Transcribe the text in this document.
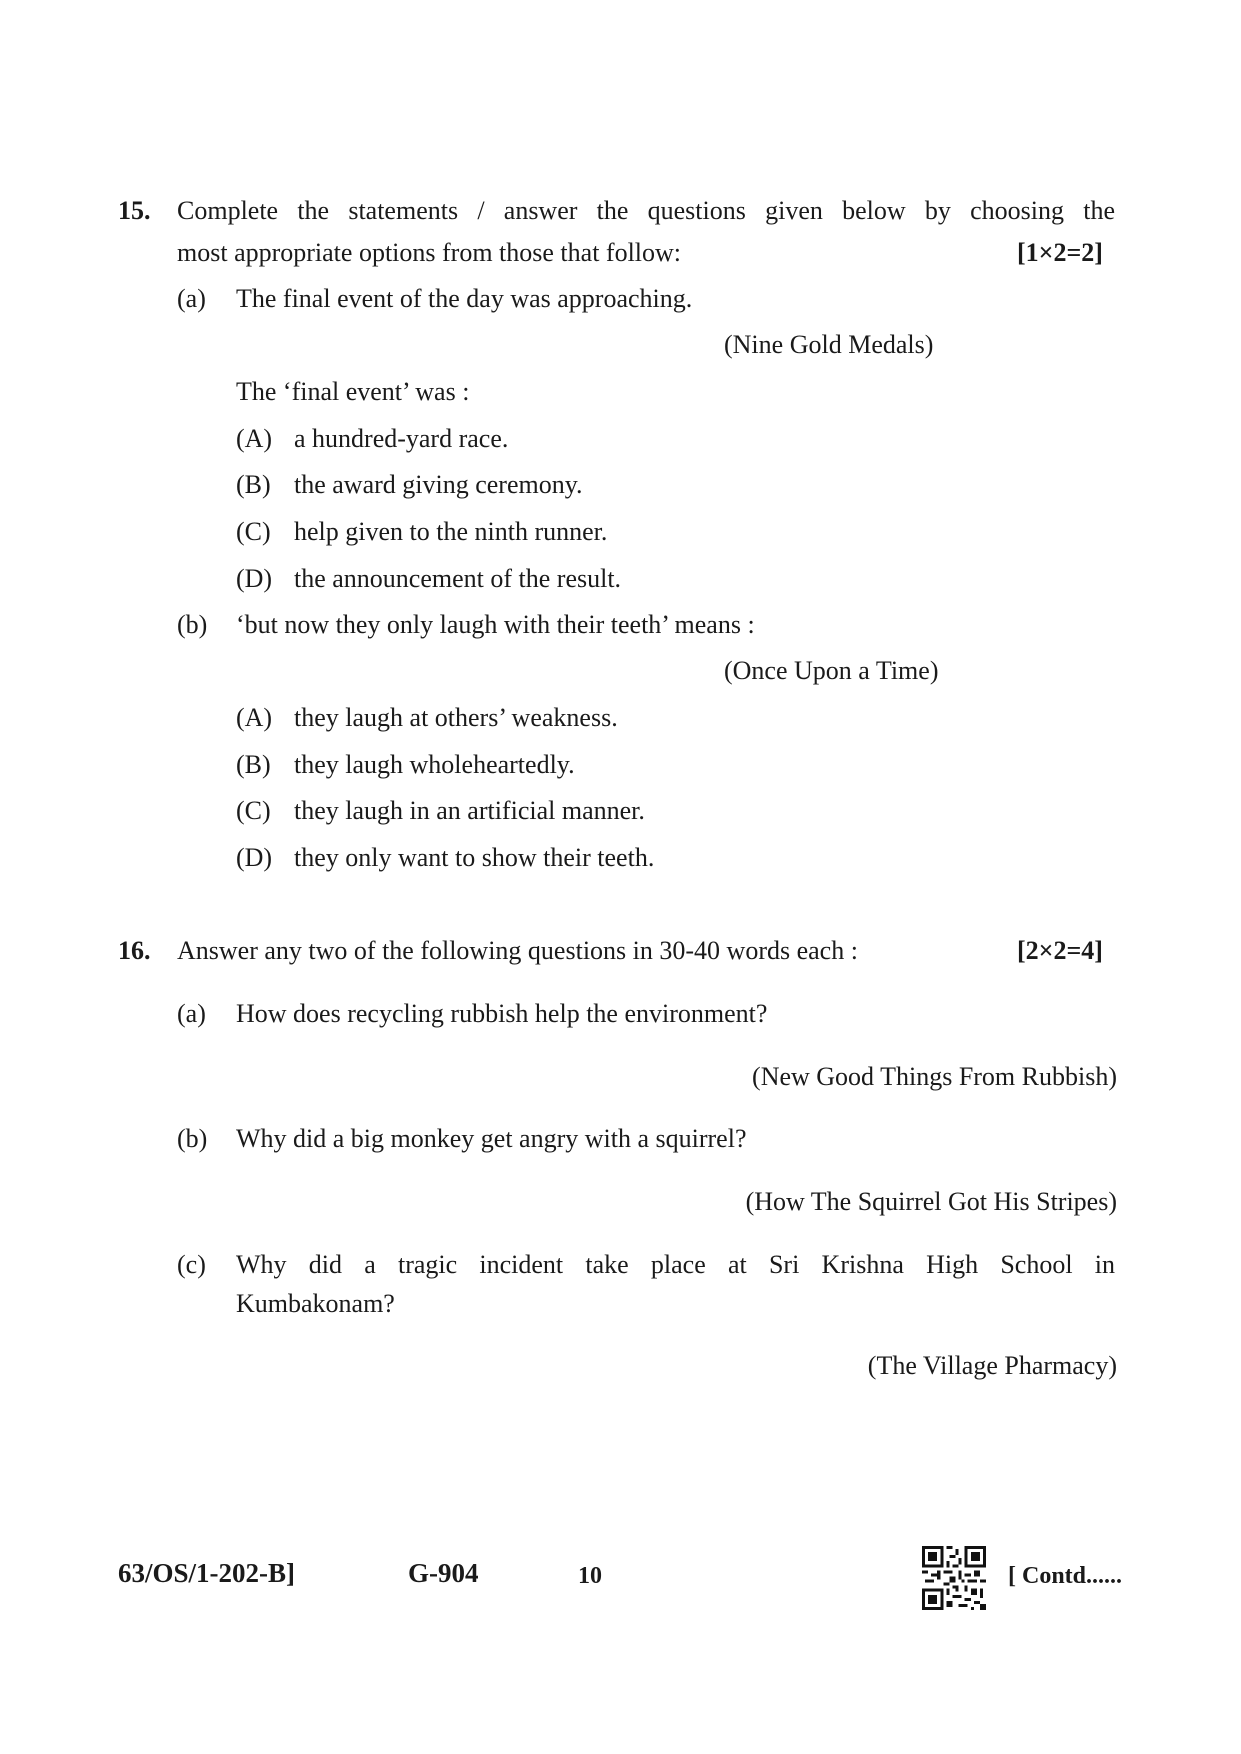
15. Complete the statements / answer the questions given below by choosing the
most appropriate options from those that follow:	[1×2=2]
(a) The final event of the day was approaching.
(Nine Gold Medals)
The ‘final event’ was :
(A) a hundred-yard race.
(B) the award giving ceremony.
(C) help given to the ninth runner.
(D) the announcement of the result.
(b) ‘but now they only laugh with their teeth’ means :
(Once Upon a Time)
(A) they laugh at others’ weakness.
(B) they laugh wholeheartedly.
(C) they laugh in an artificial manner.
(D) they only want to show their teeth.
16. Answer any two of the following questions in 30-40 words each :	[2×2=4]
(a) How does recycling rubbish help the environment?
(New Good Things From Rubbish)
(b) Why did a big monkey get angry with a squirrel?
(How The Squirrel Got His Stripes)
(c) Why did a tragic incident take place at Sri Krishna High School in
Kumbakonam?
(The Village Pharmacy)
63/OS/1-202-B]	G-904	10	[ Contd......
